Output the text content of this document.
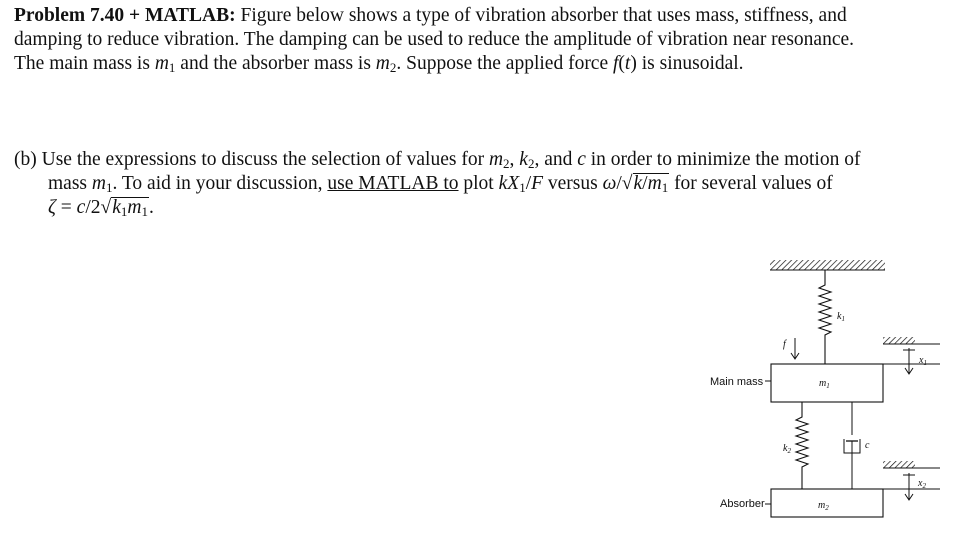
Problem 7.40 + MATLAB: Figure below shows a type of vibration absorber that uses mass, stiffness, and
damping to reduce vibration. The damping can be used to reduce the amplitude of vibration near resonance.
The main mass is $m_1$ and the absorber mass is $m_2$. Suppose the applied force f(t) is sinusoidal.
(b) Use the expressions to discuss the selection of values for $m_2$, $k_2$, and c in order to minimize the motion of
mass $m_1$. To aid in your discussion, use MATLAB to plot $kX_1/F$ versus $\omega/√k/m_1$ for several values of
$\zeta = c/2√k_1m_1$.
$k_1$
f
Main mass	$m_1$
$x_1$
$k_2$	c
Absorber	$m_2$
$x_2$
